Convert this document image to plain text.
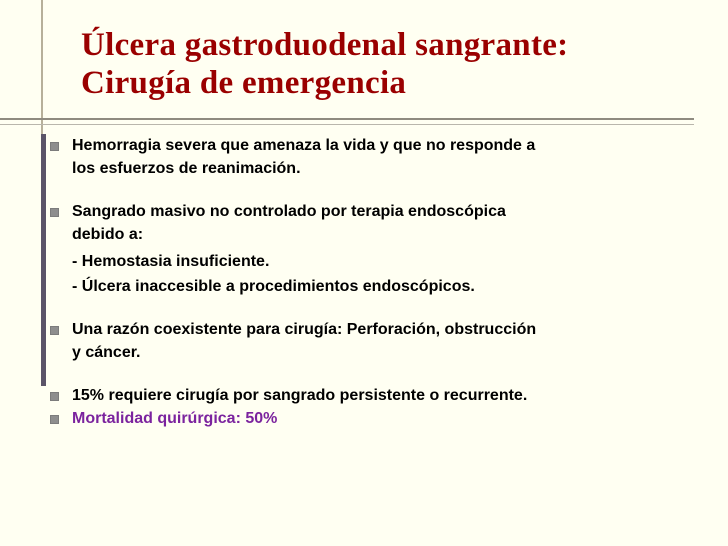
Úlcera gastroduodenal sangrante:
Cirugía de emergencia
Hemorragia severa que amenaza la vida y que no responde a
los esfuerzos de reanimación.
Sangrado masivo no controlado por terapia endoscópica
debido a:
- Hemostasia insuficiente.
- Úlcera inaccesible a procedimientos endoscópicos.
Una razón coexistente para cirugía: Perforación, obstrucción
y cáncer.
15% requiere cirugía por sangrado persistente o recurrente.
Mortalidad quirúrgica: 50%
